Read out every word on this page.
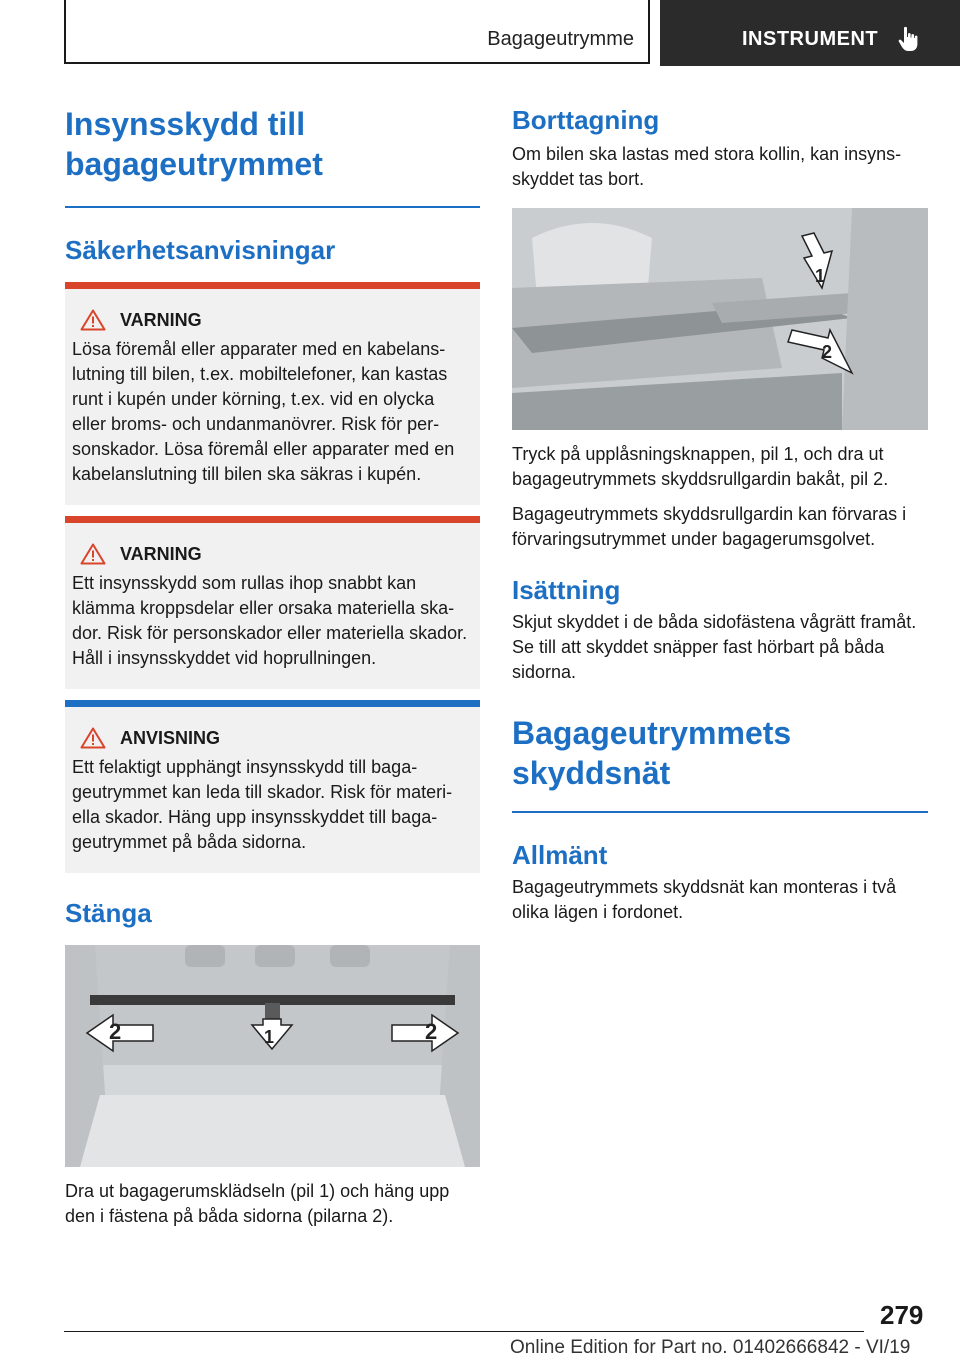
Bagageutrymme	INSTRUMENT
Insynsskydd till
bagageutrymmet
Säkerhetsanvisningar
VARNING
Lösa föremål eller apparater med en kabelanslutning till bilen, t.ex. mobiltelefoner, kan kastas runt i kupén under körning, t.ex. vid en olycka eller broms- och undanmanövrer. Risk för personskador. Lösa föremål eller apparater med en kabelanslutning till bilen ska säkras i kupén.
VARNING
Ett insynsskydd som rullas ihop snabbt kan klämma kroppsdelar eller orsaka materiella skador. Risk för personskador eller materiella skador. Håll i insynsskyddet vid hoprullningen.
ANVISNING
Ett felaktigt upphängt insynsskydd till bagageutrymmet kan leda till skador. Risk för materiella skador. Häng upp insynsskyddet till bagageutrymmet på båda sidorna.
Stänga
2	1	2
Dra ut bagagerumsklädseln (pil 1) och häng upp den i fästena på båda sidorna (pilarna 2).
Borttagning
Om bilen ska lastas med stora kollin, kan insynsskyddet tas bort.
1
2
Tryck på upplåsningsknappen, pil 1, och dra ut bagageutrymmets skyddsrullgardin bakåt, pil 2.
Bagageutrymmets skyddsrullgardin kan förvaras i förvaringsutrymmet under bagagerumsgolvet.
Isättning
Skjut skyddet i de båda sidofästena vågrätt framåt. Se till att skyddet snäpper fast hörbart på båda sidorna.
Bagageutrymmets
skyddsnät
Allmänt
Bagageutrymmets skyddsnät kan monteras i två olika lägen i fordonet.
279
Online Edition for Part no. 01402666842 - VI/19
